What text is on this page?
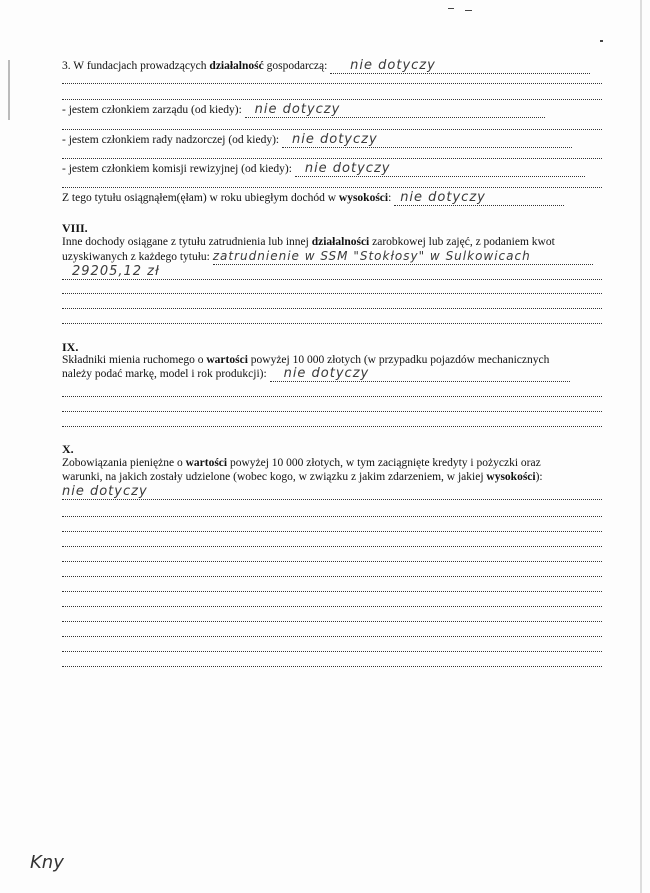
3. W fundacjach prowadzących działalność gospodarczą: nie dotyczy
- jestem członkiem zarządu (od kiedy): nie dotyczy
- jestem członkiem rady nadzorczej (od kiedy): nie dotyczy
- jestem członkiem komisji rewizyjnej (od kiedy): nie dotyczy
Z tego tytułu osiągnąłem(ęłam) w roku ubiegłym dochód w wysokości: nie dotyczy
VIII.
Inne dochody osiągane z tytułu zatrudnienia lub innej działalności zarobkowej lub zajęć, z podaniem kwot
uzyskiwanych z każdego tytułu: zatrudnienie w SSM "Stokłosy" w Sulkowicach
29205,12 zł
IX.
Składniki mienia ruchomego o wartości powyżej 10 000 złotych (w przypadku pojazdów mechanicznych
należy podać markę, model i rok produkcji): nie dotyczy
X.
Zobowiązania pieniężne o wartości powyżej 10 000 złotych, w tym zaciągnięte kredyty i pożyczki oraz
warunki, na jakich zostały udzielone (wobec kogo, w związku z jakim zdarzeniem, w jakiej wysokości):
nie dotyczy
Kny
